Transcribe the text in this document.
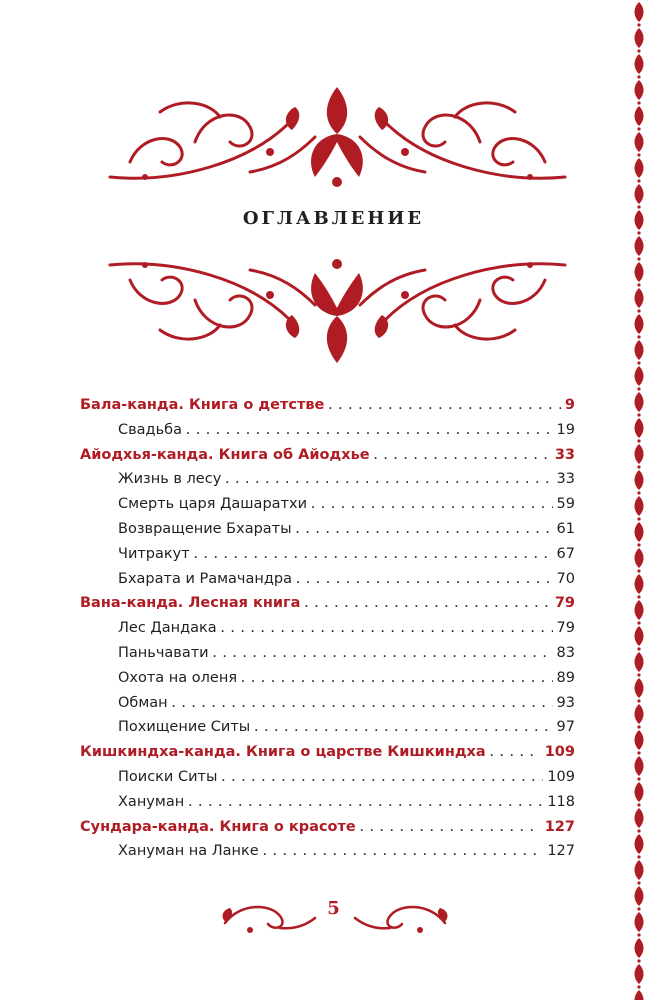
ОГЛАВЛЕНИЕ
Бала-канда. Книга о детстве . . .	9
Свадьба . . .	19
Айодхья-канда. Книга об Айодхье . . .	33
Жизнь в лесу . . .	33
Смерть царя Дашаратхи . . .	59
Возвращение Бхараты . . .	61
Читракут . . .	67
Бхарата и Рамачандра . . .	70
Вана-канда. Лесная книга . . .	79
Лес Дандака . . .	79
Паньчавати . . .	83
Охота на оленя . . .	89
Обман . . .	93
Похищение Ситы . . .	97
Кишкиндха-канда. Книга о царстве Кишкиндха . . .	109
Поиски Ситы . . .	109
Хануман . . .	118
Сундара-канда. Книга о красоте . . .	127
Хануман на Ланке . . .	127
5
